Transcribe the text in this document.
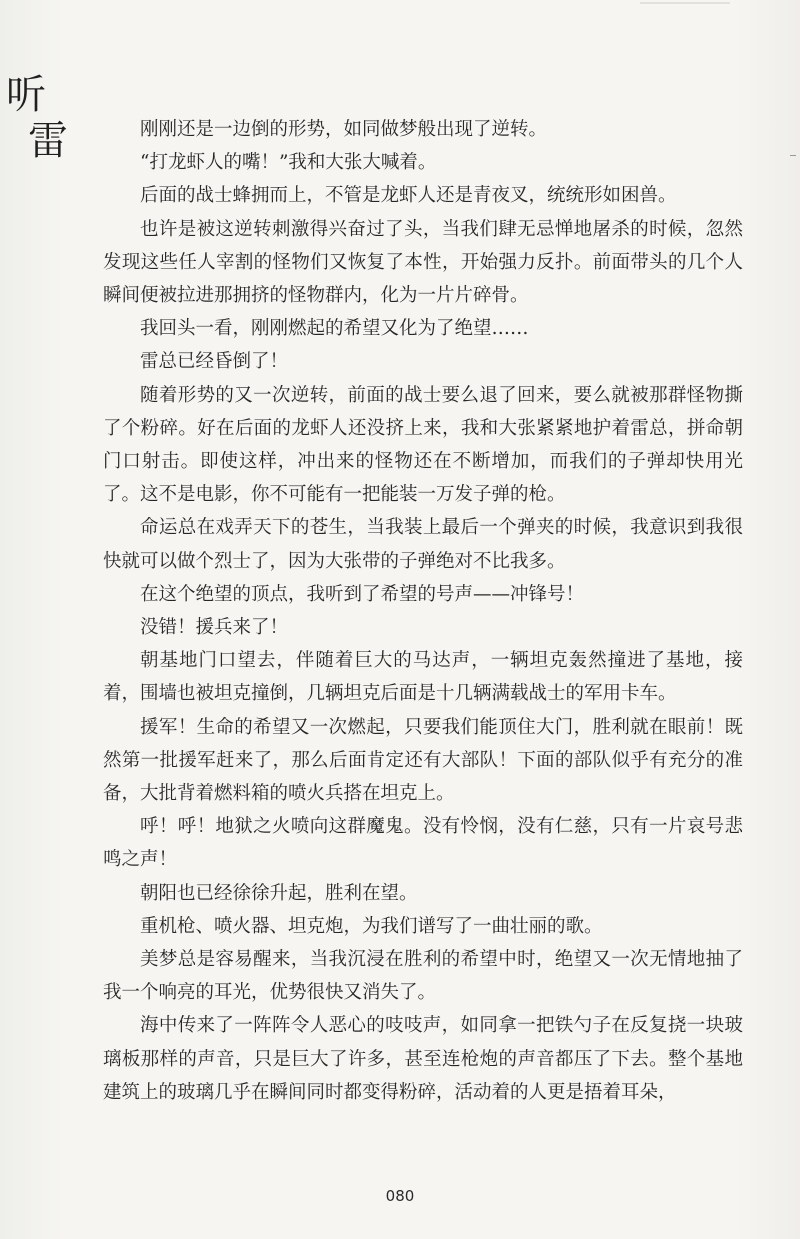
听
雷	刚刚还是一边倒的形势，如同做梦般出现了逆转。

“打龙虾人的嘴！”我和大张大喊着。

后面的战士蜂拥而上，不管是龙虾人还是青夜叉，统统形如困兽。

也许是被这逆转刺激得兴奋过了头，当我们肆无忌惮地屠杀的时候，忽然发现这些任人宰割的怪物们又恢复了本性，开始强力反扑。前面带头的几个人瞬间便被拉进那拥挤的怪物群内，化为一片片碎骨。

我回头一看，刚刚燃起的希望又化为了绝望……

雷总已经昏倒了！

随着形势的又一次逆转，前面的战士要么退了回来，要么就被那群怪物撕了个粉碎。好在后面的龙虾人还没挤上来，我和大张紧紧地护着雷总，拼命朝门口射击。即使这样，冲出来的怪物还在不断增加，而我们的子弹却快用光了。这不是电影，你不可能有一把能装一万发子弹的枪。

命运总在戏弄天下的苍生，当我装上最后一个弹夹的时候，我意识到我很快就可以做个烈士了，因为大张带的子弹绝对不比我多。

在这个绝望的顶点，我听到了希望的号声——冲锋号！

没错！援兵来了！

朝基地门口望去，伴随着巨大的马达声，一辆坦克轰然撞进了基地，接着，围墙也被坦克撞倒，几辆坦克后面是十几辆满载战士的军用卡车。

援军！生命的希望又一次燃起，只要我们能顶住大门，胜利就在眼前！既然第一批援军赶来了，那么后面肯定还有大部队！下面的部队似乎有充分的准备，大批背着燃料箱的喷火兵搭在坦克上。

呼！呼！地狱之火喷向这群魔鬼。没有怜悯，没有仁慈，只有一片哀号悲鸣之声！

朝阳也已经徐徐升起，胜利在望。

重机枪、喷火器、坦克炮，为我们谱写了一曲壮丽的歌。

美梦总是容易醒来，当我沉浸在胜利的希望中时，绝望又一次无情地抽了我一个响亮的耳光，优势很快又消失了。

海中传来了一阵阵令人恶心的吱吱声，如同拿一把铁勺子在反复挠一块玻璃板那样的声音，只是巨大了许多，甚至连枪炮的声音都压了下去。整个基地建筑上的玻璃几乎在瞬间同时都变得粉碎，活动着的人更是捂着耳朵，

080
